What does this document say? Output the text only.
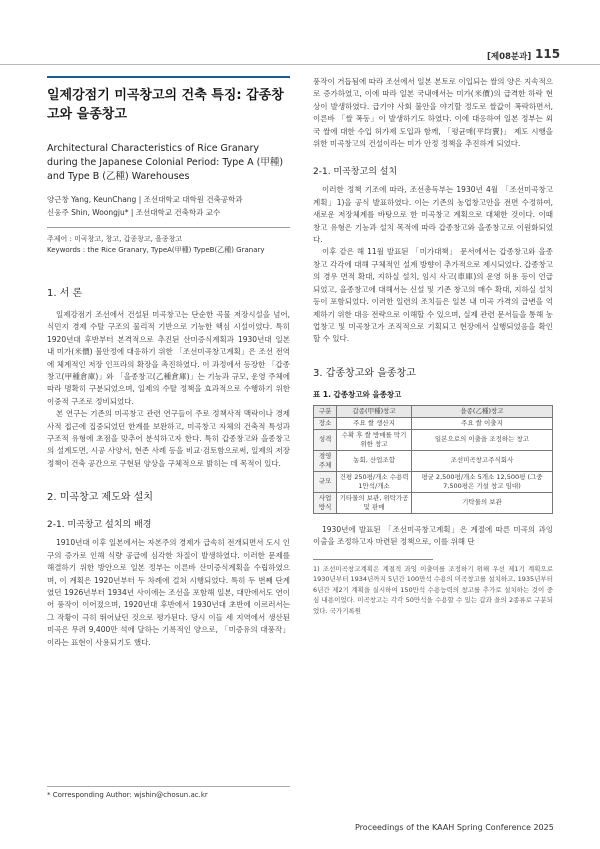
[제08분과] 115
일제강점기 미곡창고의 건축 특징: 갑종창고와 을종창고
Architectural Characteristics of Rice Granary during the Japanese Colonial Period: Type A (甲種) and Type B (乙種) Warehouses
양근창 Yang, KeunChang | 조선대학교 대학원 건축공학과
신웅주 Shin, Woongju* | 조선대학교 건축학과 교수
주제어 : 미곡창고, 창고, 갑종창고, 을종창고
Keywords : the Rice Granary, TypeA(甲種) TypeB(乙種) Granary
1. 서 론

일제강점기 조선에서 건설된 미곡창고는 단순한 곡물 저장시설을 넘어, 식민지 경제 수탈 구조의 물리적 기반으로 기능한 핵심 시설이었다. 특히 1920년대 후반부터 본격적으로 추진된 산미증식계획과 1930년대 일본 내 미가(米價) 불안정에 대응하기 위한 「조선미곡창고계획」은 조선 전역에 체계적인 저장 인프라의 확장을 촉진하였다. 이 과정에서 등장한 「갑종창고(甲種倉庫)」와 「을종창고(乙種倉庫)」는 기능과 규모, 운영 주체에 따라 명확히 구분되었으며, 일제의 수탈 정책을 효과적으로 수행하기 위한 이중적 구조로 정비되었다.

본 연구는 기존의 미곡창고 관련 연구들이 주로 정책사적 맥락이나 경제사적 접근에 집중되었던 한계를 보완하고, 미곡창고 자체의 건축적 특성과 구조적 유형에 초점을 맞추어 분석하고자 한다. 특히 갑종창고와 을종창고의 설계도면, 시공 사양서, 현존 사례 등을 비교·검토함으로써, 일제의 저장정책이 건축 공간으로 구현된 양상을 구체적으로 밝히는 데 목적이 있다.

2. 미곡창고 제도와 설치
2-1. 미곡창고 설치의 배경

1910년대 이후 일본에서는 자본주의 경제가 급속히 전개되면서 도시 인구의 증가로 인해 식량 공급에 심각한 차질이 발생하였다. 이러한 문제를 해결하기 위한 방안으로 일본 정부는 이른바 산미증식계획을 수립하였으며, 이 계획은 1920년부터 두 차례에 걸쳐 시행되었다. 특히 두 번째 단계였던 1926년부터 1934년 사이에는 조선을 포함해 일본, 대만에서도 연이어 풍작이 이어졌으며, 1920년대 후반에서 1930년대 초반에 이르러서는 그 작황이 극히 뛰어났던 것으로 평가된다. 당시 이들 세 지역에서 생산된 미곡은 무려 9,400만 석에 달하는 기록적인 양으로, 「미증유의 대풍작」이라는 표현이 사용되기도 했다.

* Corresponding Author: wjshin@chosun.ac.kr

풍작이 거듭됨에 따라 조선에서 일본 본토로 이입되는 쌀의 양은 지속적으로 증가하였고, 이에 따라 일본 국내에서는 미가(米價)의 급격한 하락 현상이 발생하였다. 급기야 사회 불안을 야기할 정도로 쌀값이 폭락하면서, 이른바 「쌀 폭동」이 발생하기도 하였다. 이에 대응하여 일본 정부는 외국 쌀에 대한 수입 허가제 도입과 함께, 「평균매(平均賣)」 제도 시행을 위한 미곡창고의 건설이라는 미가 안정 정책을 추진하게 되었다.

2-1. 미곡창고의 설치

이러한 정책 기조에 따라, 조선총독부는 1930년 4월 「조선미곡창고계획」1)을 공식 발표하였다. 이는 기존의 농업창고안을 전면 수정하여, 새로운 저장체계를 바탕으로 한 미곡창고 계획으로 대체한 것이다. 이때 창고 유형은 기능과 설치 목적에 따라 갑종창고와 을종창고로 이원화되었다.

이후 같은 해 11월 발표된 「미가대책」 문서에서는 갑종창고와 을종창고 각각에 대해 구체적인 설계 방향이 추가적으로 제시되었다. 갑종창고의 경우 면적 확대, 지하실 설치, 임시 사고(車庫)의 운영 허용 등이 언급되었고, 을종창고에 대해서는 신설 및 기존 창고의 매수 확대, 지하실 설치 등이 포함되었다. 이러한 일련의 조치들은 일본 내 미곡 가격의 급변을 억제하기 위한 대응 전략으로 이해할 수 있으며, 실제 관련 문서들을 통해 농업창고 및 미곡창고가 조직적으로 기획되고 현장에서 실행되었음을 확인할 수 있다.

3. 갑종창고와 을종창고
표 1. 갑종창고와 을종창고
구분	갑종(甲種)창고	을종(乙種)창고
장소	주요 쌀 생산지	주요 쌀 이출지
성격	수확 후 쌀 방매를 막기 위한 창고	일본으로의 이출을 조정하는 창고
경영주체	농회, 산업조합	조선미곡창고주식회사
규모	건평 250평/개소 수용력 1만석/개소	평균 2,500평/개소 5개소 12,500평 (그중 7,500평은 기설 창고 임대)
사업방식	기타물의 보관, 위탁가공 및 판매	기탁물의 보관

1930년에 발표된 「조선미곡창고계획」은 계절에 따른 미곡의 과잉 이출을 조정하고자 마련된 정책으로, 이를 위해 단

1) 조선미곡창고계획은 계절적 과잉 이출미를 조정하기 위해 우선 제1기 계획으로 1930년부터 1934년까지 5년간 100만석 수용의 미곡창고를 설치하고, 1935년부터 6년간 제2기 계획을 실시하여 150만석 수용능력의 창고를 추가로 설치하는 것이 중심 내용이었다. 미곡창고는 각각 50만석을 수용할 수 있는 갑과 을의 2종류로 구분되었다. 국가기록원
Proceedings of the KAAH Spring Conference 2025
